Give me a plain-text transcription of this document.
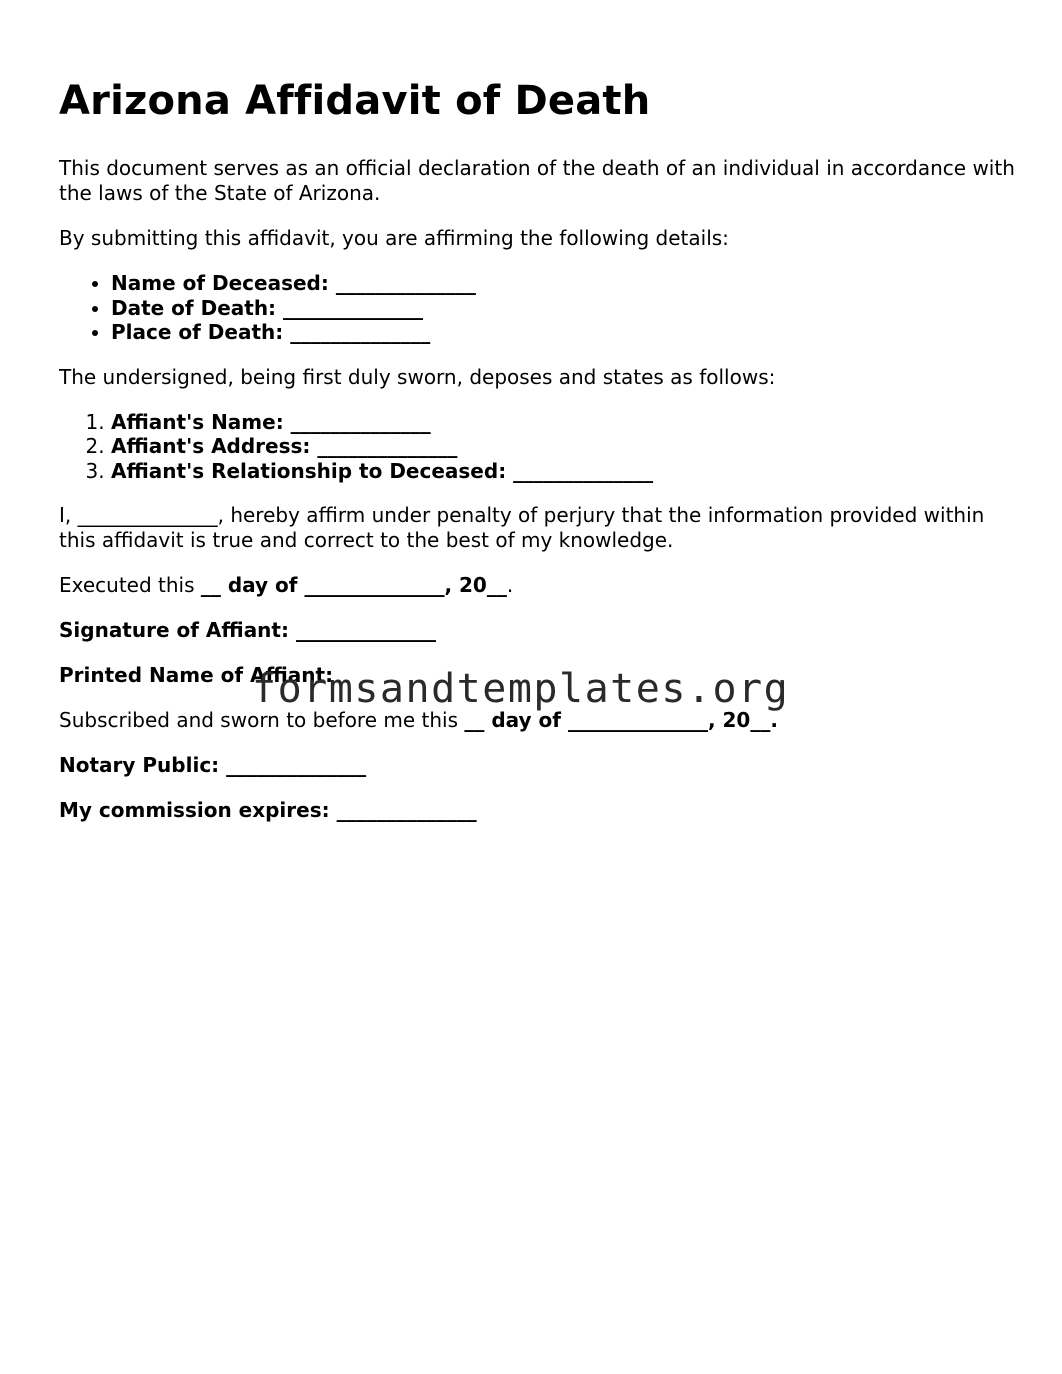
Arizona Affidavit of Death

This document serves as an official declaration of the death of an individual in accordance with the laws of the State of Arizona.

By submitting this affidavit, you are affirming the following details:

• Name of Deceased: ______________
• Date of Death: ______________
• Place of Death: ______________

The undersigned, being first duly sworn, deposes and states as follows:

1. Affiant's Name: ______________
2. Affiant's Address: ______________
3. Affiant's Relationship to Deceased: ______________

I, ______________, hereby affirm under penalty of perjury that the information provided within this affidavit is true and correct to the best of my knowledge.

Executed this __ day of ______________, 20__.

Signature of Affiant: ______________

Printed Name of Affiant:

Subscribed and sworn to before me this __ day of ______________, 20__.

Notary Public: ______________

My commission expires: ______________

formsandtemplates.org
